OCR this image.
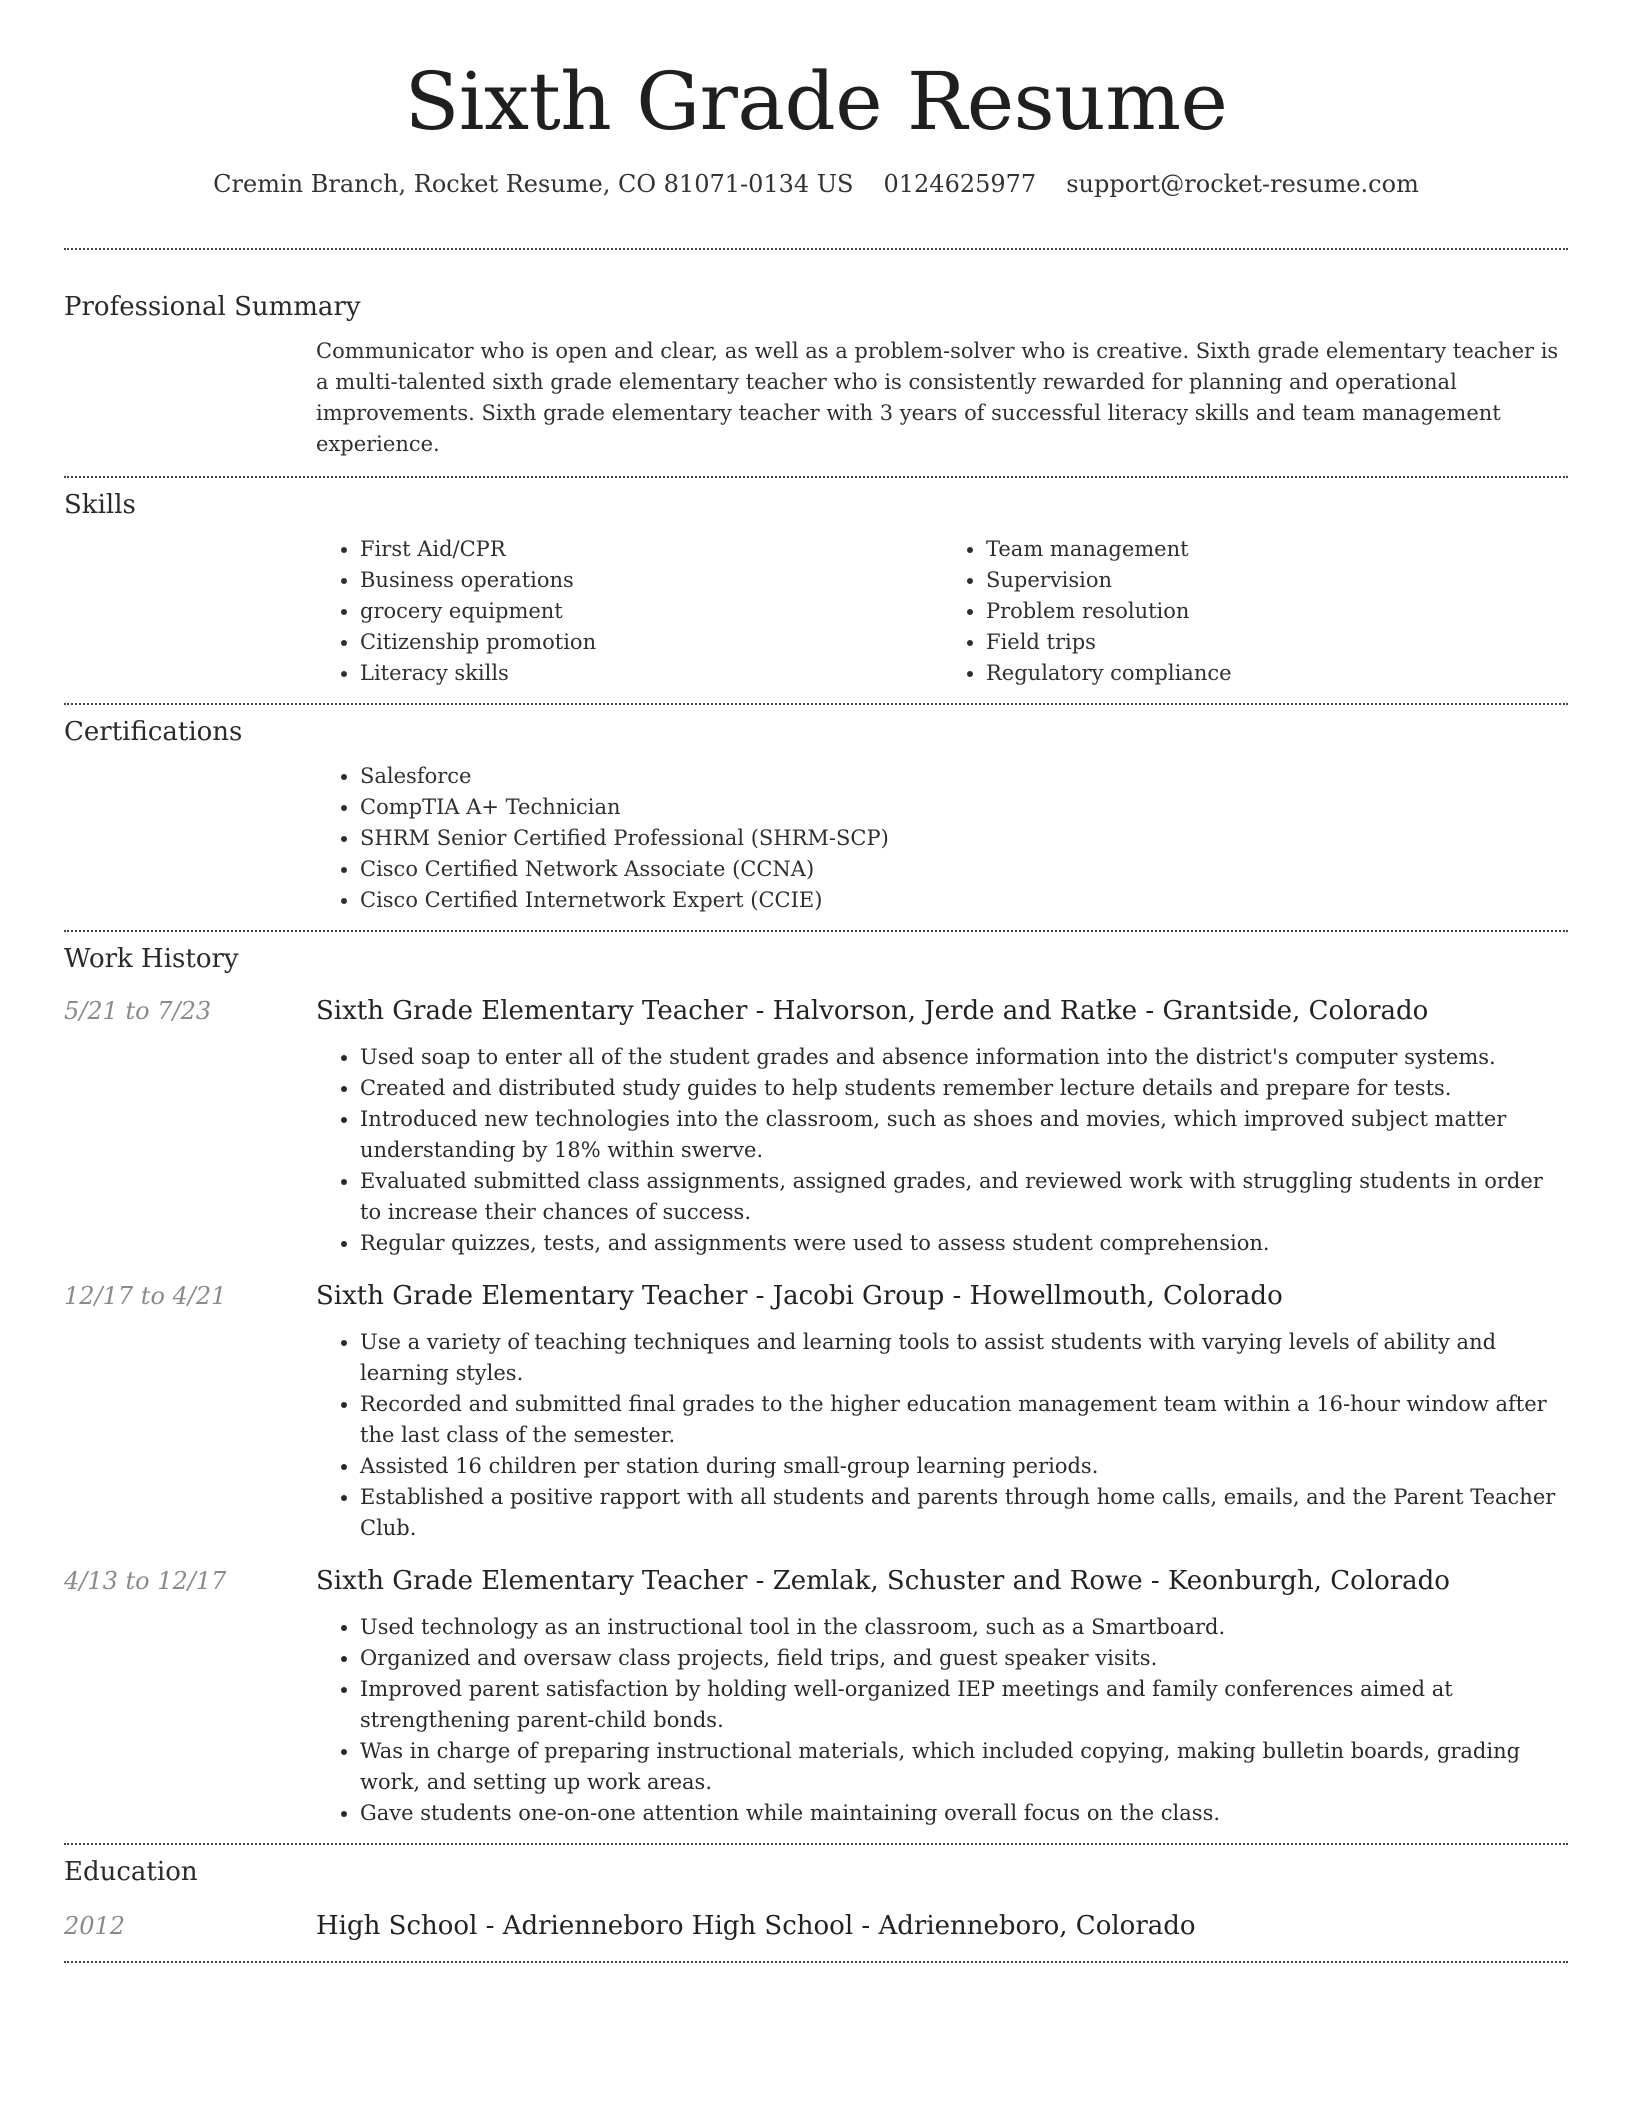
Sixth Grade Resume
Cremin Branch, Rocket Resume, CO 81071-0134 US 0124625977 support@rocket-resume.com
Professional Summary

Communicator who is open and clear, as well as a problem-solver who is creative. Sixth grade elementary teacher is a multi-talented sixth grade elementary teacher who is consistently rewarded for planning and operational improvements. Sixth grade elementary teacher with 3 years of successful literacy skills and team management experience.

Skills
• First Aid/CPR
• Business operations
• grocery equipment
• Citizenship promotion
• Literacy skills
• Team management
• Supervision
• Problem resolution
• Field trips
• Regulatory compliance
Certifications
• Salesforce
• CompTIA A+ Technician
• SHRM Senior Certified Professional (SHRM-SCP)
• Cisco Certified Network Associate (CCNA)
• Cisco Certified Internetwork Expert (CCIE)
Work History
5/21 to 7/23	Sixth Grade Elementary Teacher - Halvorson, Jerde and Ratke - Grantside, Colorado
• Used soap to enter all of the student grades and absence information into the district's computer systems.
• Created and distributed study guides to help students remember lecture details and prepare for tests.
• Introduced new technologies into the classroom, such as shoes and movies, which improved subject matter understanding by 18% within swerve.
• Evaluated submitted class assignments, assigned grades, and reviewed work with struggling students in order to increase their chances of success.
• Regular quizzes, tests, and assignments were used to assess student comprehension.
12/17 to 4/21	Sixth Grade Elementary Teacher - Jacobi Group - Howellmouth, Colorado
• Use a variety of teaching techniques and learning tools to assist students with varying levels of ability and learning styles.
• Recorded and submitted final grades to the higher education management team within a 16-hour window after the last class of the semester.
• Assisted 16 children per station during small-group learning periods.
• Established a positive rapport with all students and parents through home calls, emails, and the Parent Teacher Club.
4/13 to 12/17	Sixth Grade Elementary Teacher - Zemlak, Schuster and Rowe - Keonburgh, Colorado
• Used technology as an instructional tool in the classroom, such as a Smartboard.
• Organized and oversaw class projects, field trips, and guest speaker visits.
• Improved parent satisfaction by holding well-organized IEP meetings and family conferences aimed at strengthening parent-child bonds.
• Was in charge of preparing instructional materials, which included copying, making bulletin boards, grading work, and setting up work areas.
• Gave students one-on-one attention while maintaining overall focus on the class.
Education
2012	High School - Adrienneboro High School - Adrienneboro, Colorado
